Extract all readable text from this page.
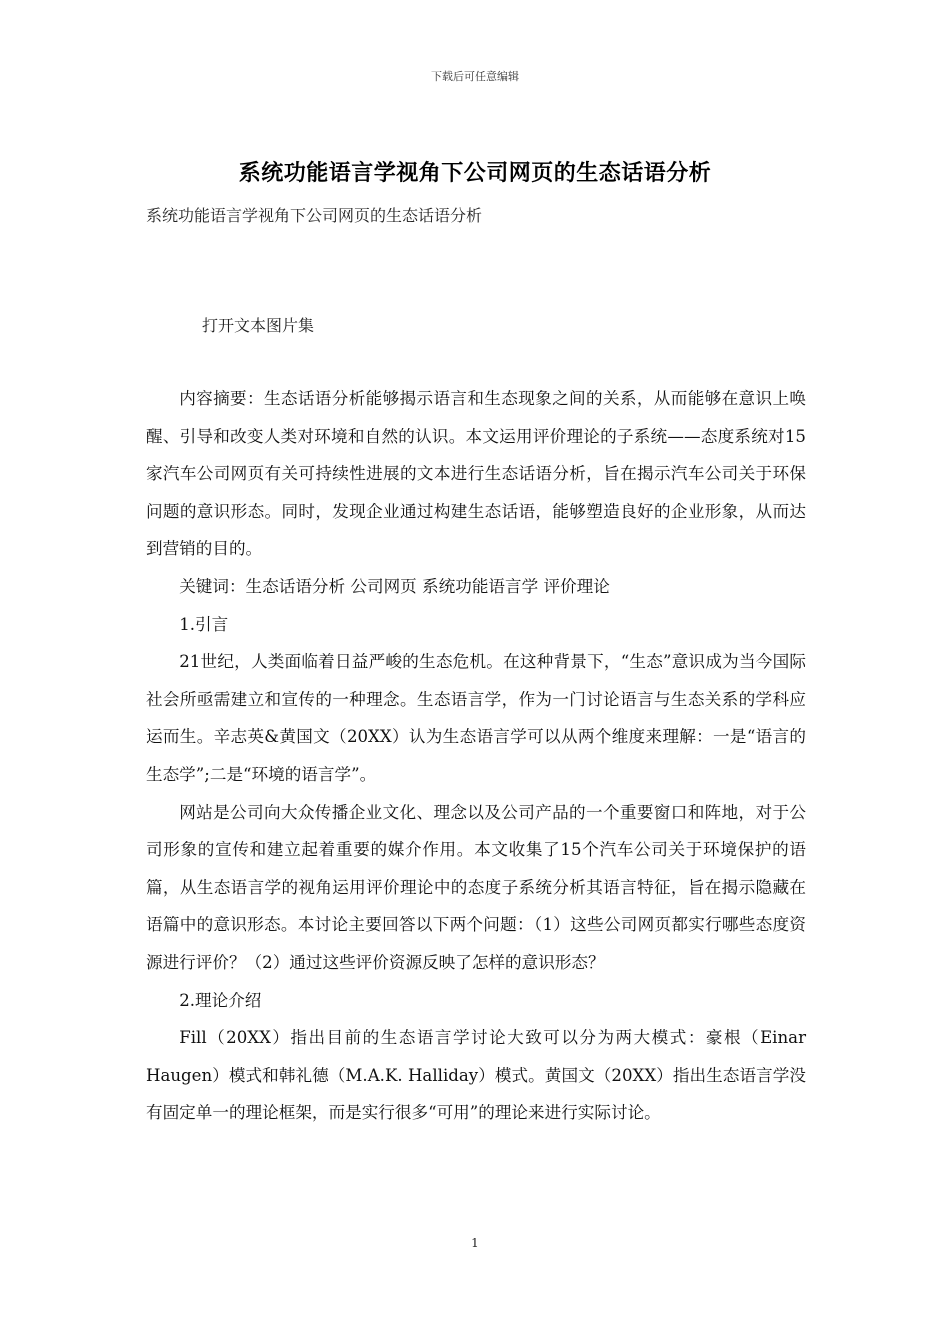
下载后可任意编辑
系统功能语言学视角下公司网页的生态话语分析
系统功能语言学视角下公司网页的生态话语分析
打开文本图片集

内容摘要：生态话语分析能够揭示语言和生态现象之间的关系，从而能够在意识上唤醒、引导和改变人类对环境和自然的认识。本文运用评价理论的子系统——态度系统对15家汽车公司网页有关可持续性进展的文本进行生态话语分析，旨在揭示汽车公司关于环保问题的意识形态。同时，发现企业通过构建生态话语，能够塑造良好的企业形象，从而达到营销的目的。

关键词：生态话语分析 公司网页 系统功能语言学 评价理论

1.引言

21世纪，人类面临着日益严峻的生态危机。在这种背景下，“生态”意识成为当今国际社会所亟需建立和宣传的一种理念。生态语言学，作为一门讨论语言与生态关系的学科应运而生。辛志英&黄国文（20XX）认为生态语言学可以从两个维度来理解：一是“语言的生态学”;二是“环境的语言学”。

网站是公司向大众传播企业文化、理念以及公司产品的一个重要窗口和阵地，对于公司形象的宣传和建立起着重要的媒介作用。本文收集了15个汽车公司关于环境保护的语篇，从生态语言学的视角运用评价理论中的态度子系统分析其语言特征，旨在揭示隐藏在语篇中的意识形态。本讨论主要回答以下两个问题：（1）这些公司网页都实行哪些态度资源进行评价？（2）通过这些评价资源反映了怎样的意识形态？

2.理论介绍

Fill（20XX）指出目前的生态语言学讨论大致可以分为两大模式：豪根（Einar Haugen）模式和韩礼德（M.A.K. Halliday）模式。黄国文（20XX）指出生态语言学没有固定单一的理论框架，而是实行很多“可用”的理论来进行实际讨论。

1
